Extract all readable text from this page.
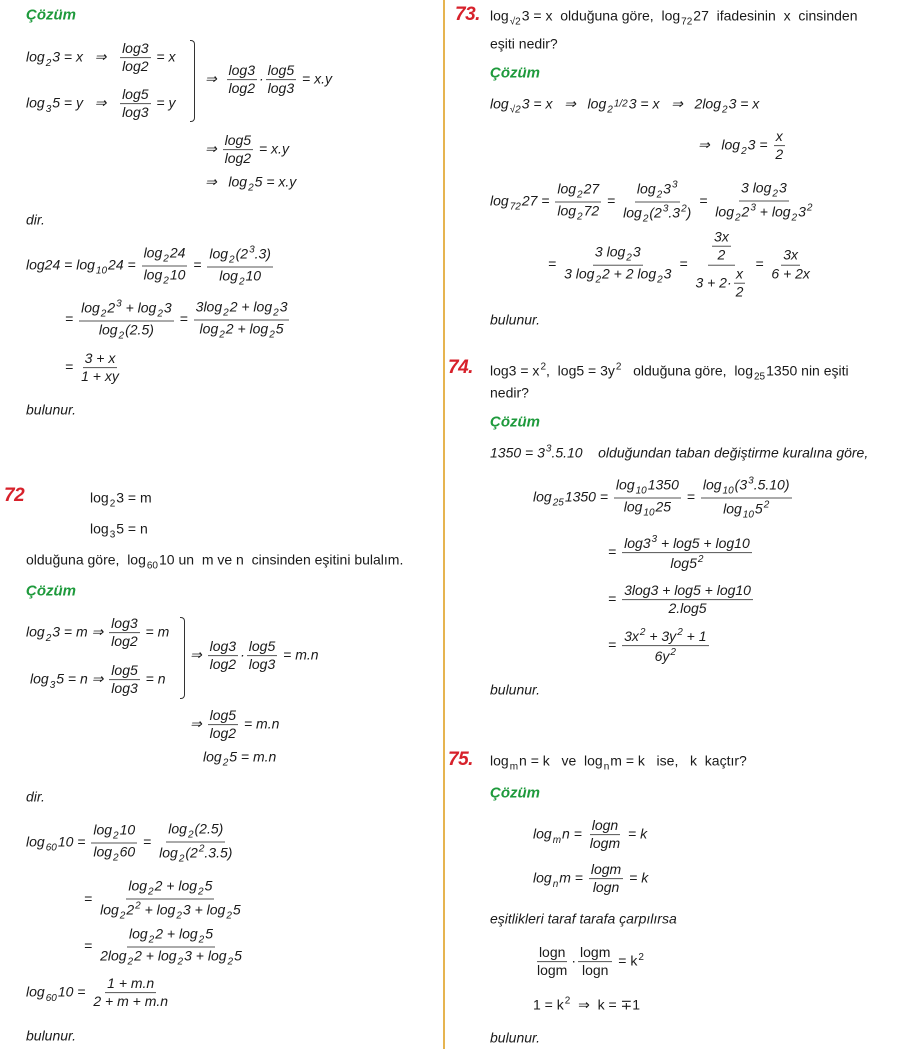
Çözüm
$\log_23 = x$   ⇒ $\frac{\log 3}{\log 2} = x$
$\log_35 = y$   ⇒ $\frac{\log 5}{\log 3} = y$
⇒ $\frac{\log 3}{\log 2} \cdot \frac{\log 5}{\log 3} = x.y$
⇒ $\frac{\log 5}{\log 2} = x.y$
⇒   $\log_25 = x.y$
dir.
$\log 24 = \log_{10}24 = \frac{\log_224}{\log_210} = \frac{\log_2(2^3.3)}{\log_210}$
= $\frac{\log_22^3 + \log_23}{\log_2(2.5)} = \frac{3\log_22 + \log_23}{\log_22 + \log_25}$
= $\frac{3 + x}{1 + xy}$
bulunur.
72	$\log_23 = m$
$\log_35 = n$
olduğuna göre,  $\log_{60}10$ un  m ve n  cinsinden eşitini bulalım.
Çözüm
$\log_23 = m$ ⇒ $\frac{\log 3}{\log 2} = m$
$\log_35 = n$ ⇒ $\frac{\log 5}{\log 3} = n$
⇒ $\frac{\log 3}{\log 2} \cdot \frac{\log 5}{\log 3} = m.n$
⇒ $\frac{\log 5}{\log 2} = m.n$
$\log_25 = m.n$
dir.
$\log_{60}10 = \frac{\log_210}{\log_260} = \frac{\log_2(2.5)}{\log_2(2^2.3.5)}$
= $\frac{\log_22 + \log_25}{\log_22^2 + \log_23 + \log_25}$
= $\frac{\log_22 + \log_25}{2\log_22 + \log_23 + \log_25}$
$\log_{60}10 = \frac{1 + m.n}{2 + m + m.n}$
bulunur.
73. $\log_{√2}3 = x$  olduğuna göre,  $\log_{72}27$  ifadesinin  x  cinsinden
eşiti nedir?
Çözüm
$\log_{√2}3 = x$   ⇒   $\log_{2^{1/2}}3 = x$   ⇒   $2\log_23 = x$
⇒   $\log_23 = \frac{x}{2}$
$\log_{72}27 = \frac{\log_227}{\log_272} = \frac{\log_23^3}{\log_2(2^3.3^2)} = \frac{3 \log_23}{\log_22^3 + \log_23^2}$
= $\frac{3 \log_23}{3 \log_22 + 2 \log_23} = \frac{\frac{3x}{2}}{3 + 2\cdot \frac{x}{2}} = \frac{3x}{6 + 2x}$
bulunur.
74. $\log 3 = x^2$,  $\log 5 = 3y^2$   olduğuna göre,  $\log_{25}1350$ nin eşiti
nedir?
Çözüm
$1350 = 3^3.5.10$    olduğundan taban değiştirme kuralına göre,
$\log_{25}1350 = \frac{\log_{10}1350}{\log_{10}25} = \frac{\log_{10}(3^3.5.10)}{\log_{10}5^2}$
= $\frac{\log 3^3 + \log 5 + \log 10}{\log 5^2}$
= $\frac{3\log 3 + \log 5 + \log 10}{2.\log 5}$
= $\frac{3x^2 + 3y^2 + 1}{6y^2}$
bulunur.
75. $\log_mn = k$   ve  $\log_nm = k$   ise,   k  kaçtır?
Çözüm
$\log_mn = \frac{\log n}{\log m} = k$
$\log_nm = \frac{\log m}{\log n} = k$
eşitlikleri taraf tarafa çarpılırsa
$\frac{\log n}{\log m} \cdot \frac{\log m}{\log n} = k^2$
$1 = k^2$  ⇒  k = ∓1
bulunur.
